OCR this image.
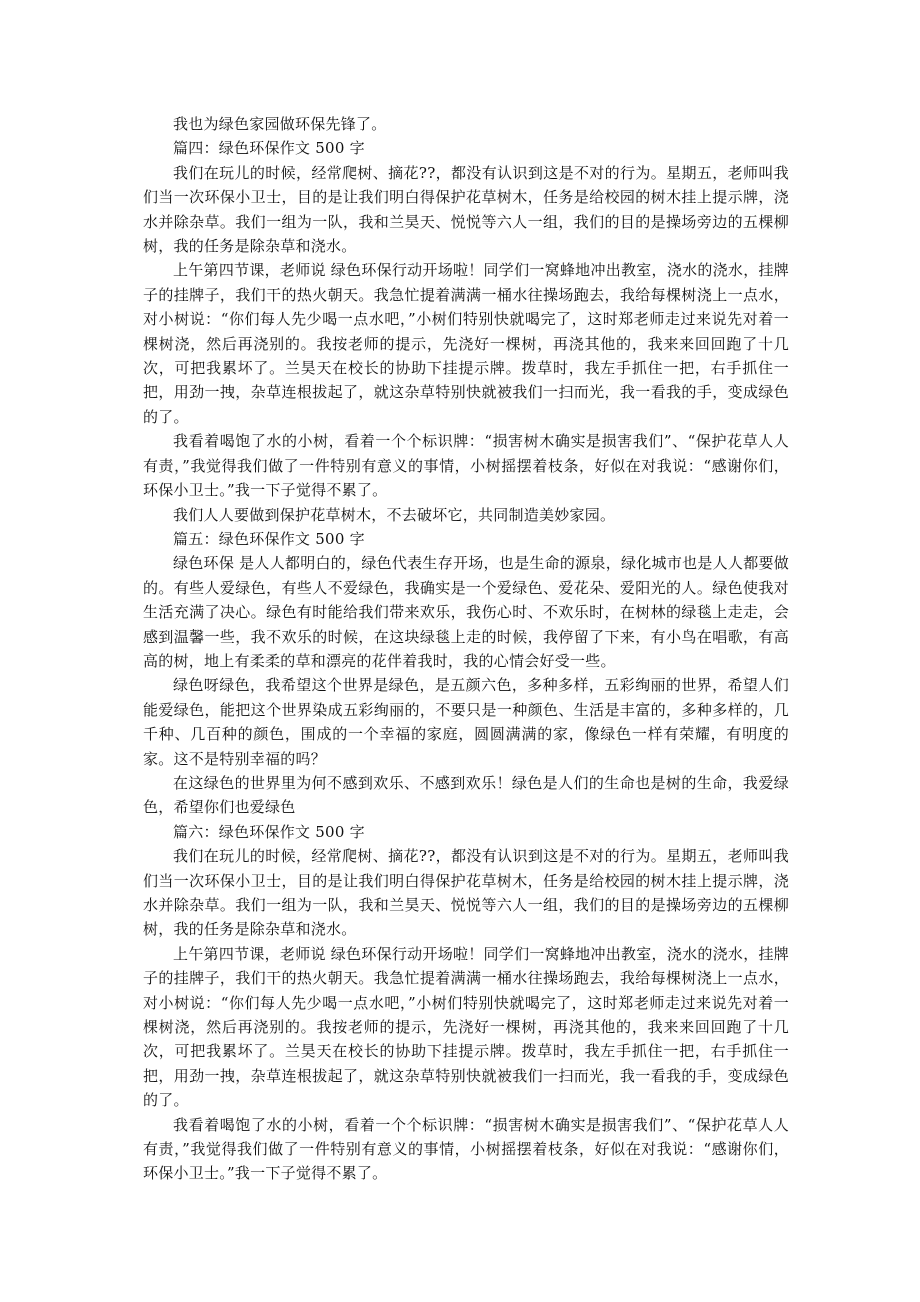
我也为绿色家园做环保先锋了。

篇四：绿色环保作文 500 字

我们在玩儿的时候，经常爬树、摘花??，都没有认识到这是不对的行为。星期五，老师叫我们当一次环保小卫士，目的是让我们明白得保护花草树木，任务是给校园的树木挂上提示牌，浇水并除杂草。我们一组为一队，我和兰昊天、悦悦等六人一组，我们的目的是操场旁边的五棵柳树，我的任务是除杂草和浇水。

上午第四节课，老师说 绿色环保行动开场啦！同学们一窝蜂地冲出教室，浇水的浇水，挂牌子的挂牌子，我们干的热火朝天。我急忙提着满满一桶水往操场跑去，我给每棵树浇上一点水，对小树说：“你们每人先少喝一点水吧，”小树们特别快就喝完了，这时郑老师走过来说先对着一棵树浇，然后再浇别的。我按老师的提示，先浇好一棵树，再浇其他的，我来来回回跑了十几次，可把我累坏了。兰昊天在校长的协助下挂提示牌。拨草时，我左手抓住一把，右手抓住一把，用劲一拽，杂草连根拔起了，就这杂草特别快就被我们一扫而光，我一看我的手，变成绿色的了。

我看着喝饱了水的小树，看着一个个标识牌：“损害树木确实是损害我们”、“保护花草人人有责，”我觉得我们做了一件特别有意义的事情，小树摇摆着枝条，好似在对我说：“感谢你们，环保小卫士。”我一下子觉得不累了。

我们人人要做到保护花草树木，不去破坏它，共同制造美妙家园。

篇五：绿色环保作文 500 字

绿色环保 是人人都明白的，绿色代表生存开场，也是生命的源泉，绿化城市也是人人都要做的。有些人爱绿色，有些人不爱绿色，我确实是一个爱绿色、爱花朵、爱阳光的人。绿色使我对生活充满了决心。绿色有时能给我们带来欢乐，我伤心时、不欢乐时，在树林的绿毯上走走，会感到温馨一些，我不欢乐的时候，在这块绿毯上走的时候，我停留了下来，有小鸟在唱歌，有高高的树，地上有柔柔的草和漂亮的花伴着我时，我的心情会好受一些。

绿色呀绿色，我希望这个世界是绿色，是五颜六色，多种多样，五彩绚丽的世界，希望人们能爱绿色，能把这个世界染成五彩绚丽的，不要只是一种颜色、生活是丰富的，多种多样的，几千种、几百种的颜色，围成的一个幸福的家庭，圆圆满满的家，像绿色一样有荣耀，有明度的家。这不是特别幸福的吗？

在这绿色的世界里为何不感到欢乐、不感到欢乐！绿色是人们的生命也是树的生命，我爱绿色，希望你们也爱绿色

篇六：绿色环保作文 500 字

我们在玩儿的时候，经常爬树、摘花??，都没有认识到这是不对的行为。星期五，老师叫我们当一次环保小卫士，目的是让我们明白得保护花草树木，任务是给校园的树木挂上提示牌，浇水并除杂草。我们一组为一队，我和兰昊天、悦悦等六人一组，我们的目的是操场旁边的五棵柳树，我的任务是除杂草和浇水。

上午第四节课，老师说 绿色环保行动开场啦！同学们一窝蜂地冲出教室，浇水的浇水，挂牌子的挂牌子，我们干的热火朝天。我急忙提着满满一桶水往操场跑去，我给每棵树浇上一点水，对小树说：“你们每人先少喝一点水吧，”小树们特别快就喝完了，这时郑老师走过来说先对着一棵树浇，然后再浇别的。我按老师的提示，先浇好一棵树，再浇其他的，我来来回回跑了十几次，可把我累坏了。兰昊天在校长的协助下挂提示牌。拨草时，我左手抓住一把，右手抓住一把，用劲一拽，杂草连根拔起了，就这杂草特别快就被我们一扫而光，我一看我的手，变成绿色的了。

我看着喝饱了水的小树，看着一个个标识牌：“损害树木确实是损害我们”、“保护花草人人有责，”我觉得我们做了一件特别有意义的事情，小树摇摆着枝条，好似在对我说：“感谢你们，环保小卫士。”我一下子觉得不累了。
